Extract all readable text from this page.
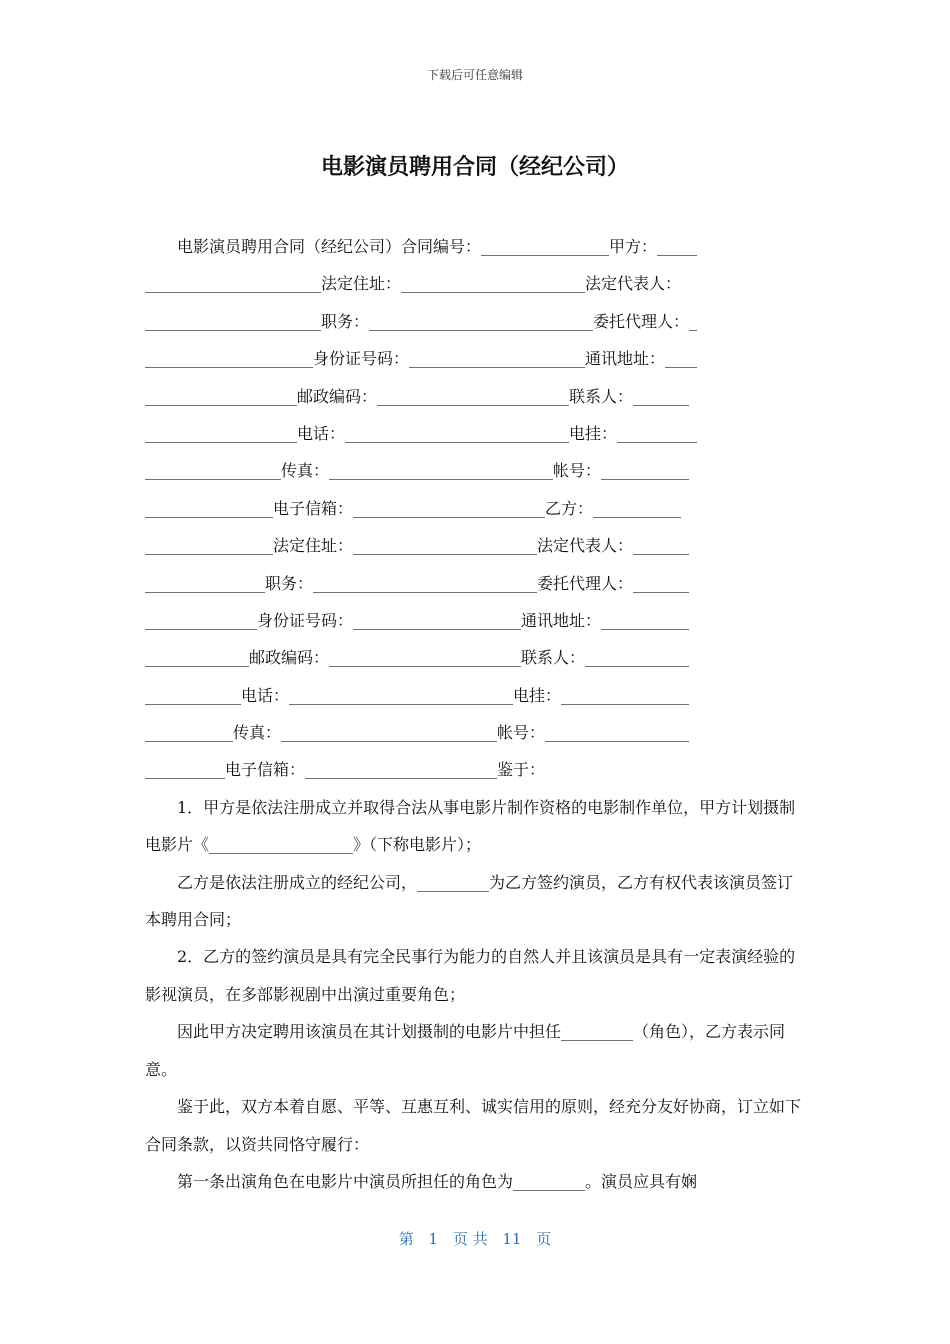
下载后可任意编辑
电影演员聘用合同（经纪公司）
　　电影演员聘用合同（经纪公司）合同编号：________________甲方：_____
______________________法定住址：_______________________法定代表人：
______________________职务：____________________________委托代理人：_
_____________________身份证号码：______________________通讯地址：____
___________________邮政编码：________________________联系人：_______
___________________电话：____________________________电挂：__________
_________________传真：____________________________帐号：___________
________________电子信箱：________________________乙方：___________
________________法定住址：_______________________法定代表人：_______
_______________职务：____________________________委托代理人：_______
______________身份证号码：_____________________通讯地址：___________
_____________邮政编码：________________________联系人：_____________
____________电话：____________________________电挂：________________
___________传真：___________________________帐号：__________________
__________电子信箱：________________________鉴于：

1．甲方是依法注册成立并取得合法从事电影片制作资格的电影制作单位，甲方计划摄制电影片《__________________》（下称电影片）；

乙方是依法注册成立的经纪公司，_________为乙方签约演员，乙方有权代表该演员签订本聘用合同；

2．乙方的签约演员是具有完全民事行为能力的自然人并且该演员是具有一定表演经验的影视演员，在多部影视剧中出演过重要角色；

因此甲方决定聘用该演员在其计划摄制的电影片中担任_________（角色），乙方表示同意。

鉴于此，双方本着自愿、平等、互惠互利、诚实信用的原则，经充分友好协商，订立如下合同条款，以资共同恪守履行：

第一条出演角色在电影片中演员所担任的角色为_________。演员应具有娴

第 1 页 共 11 页
